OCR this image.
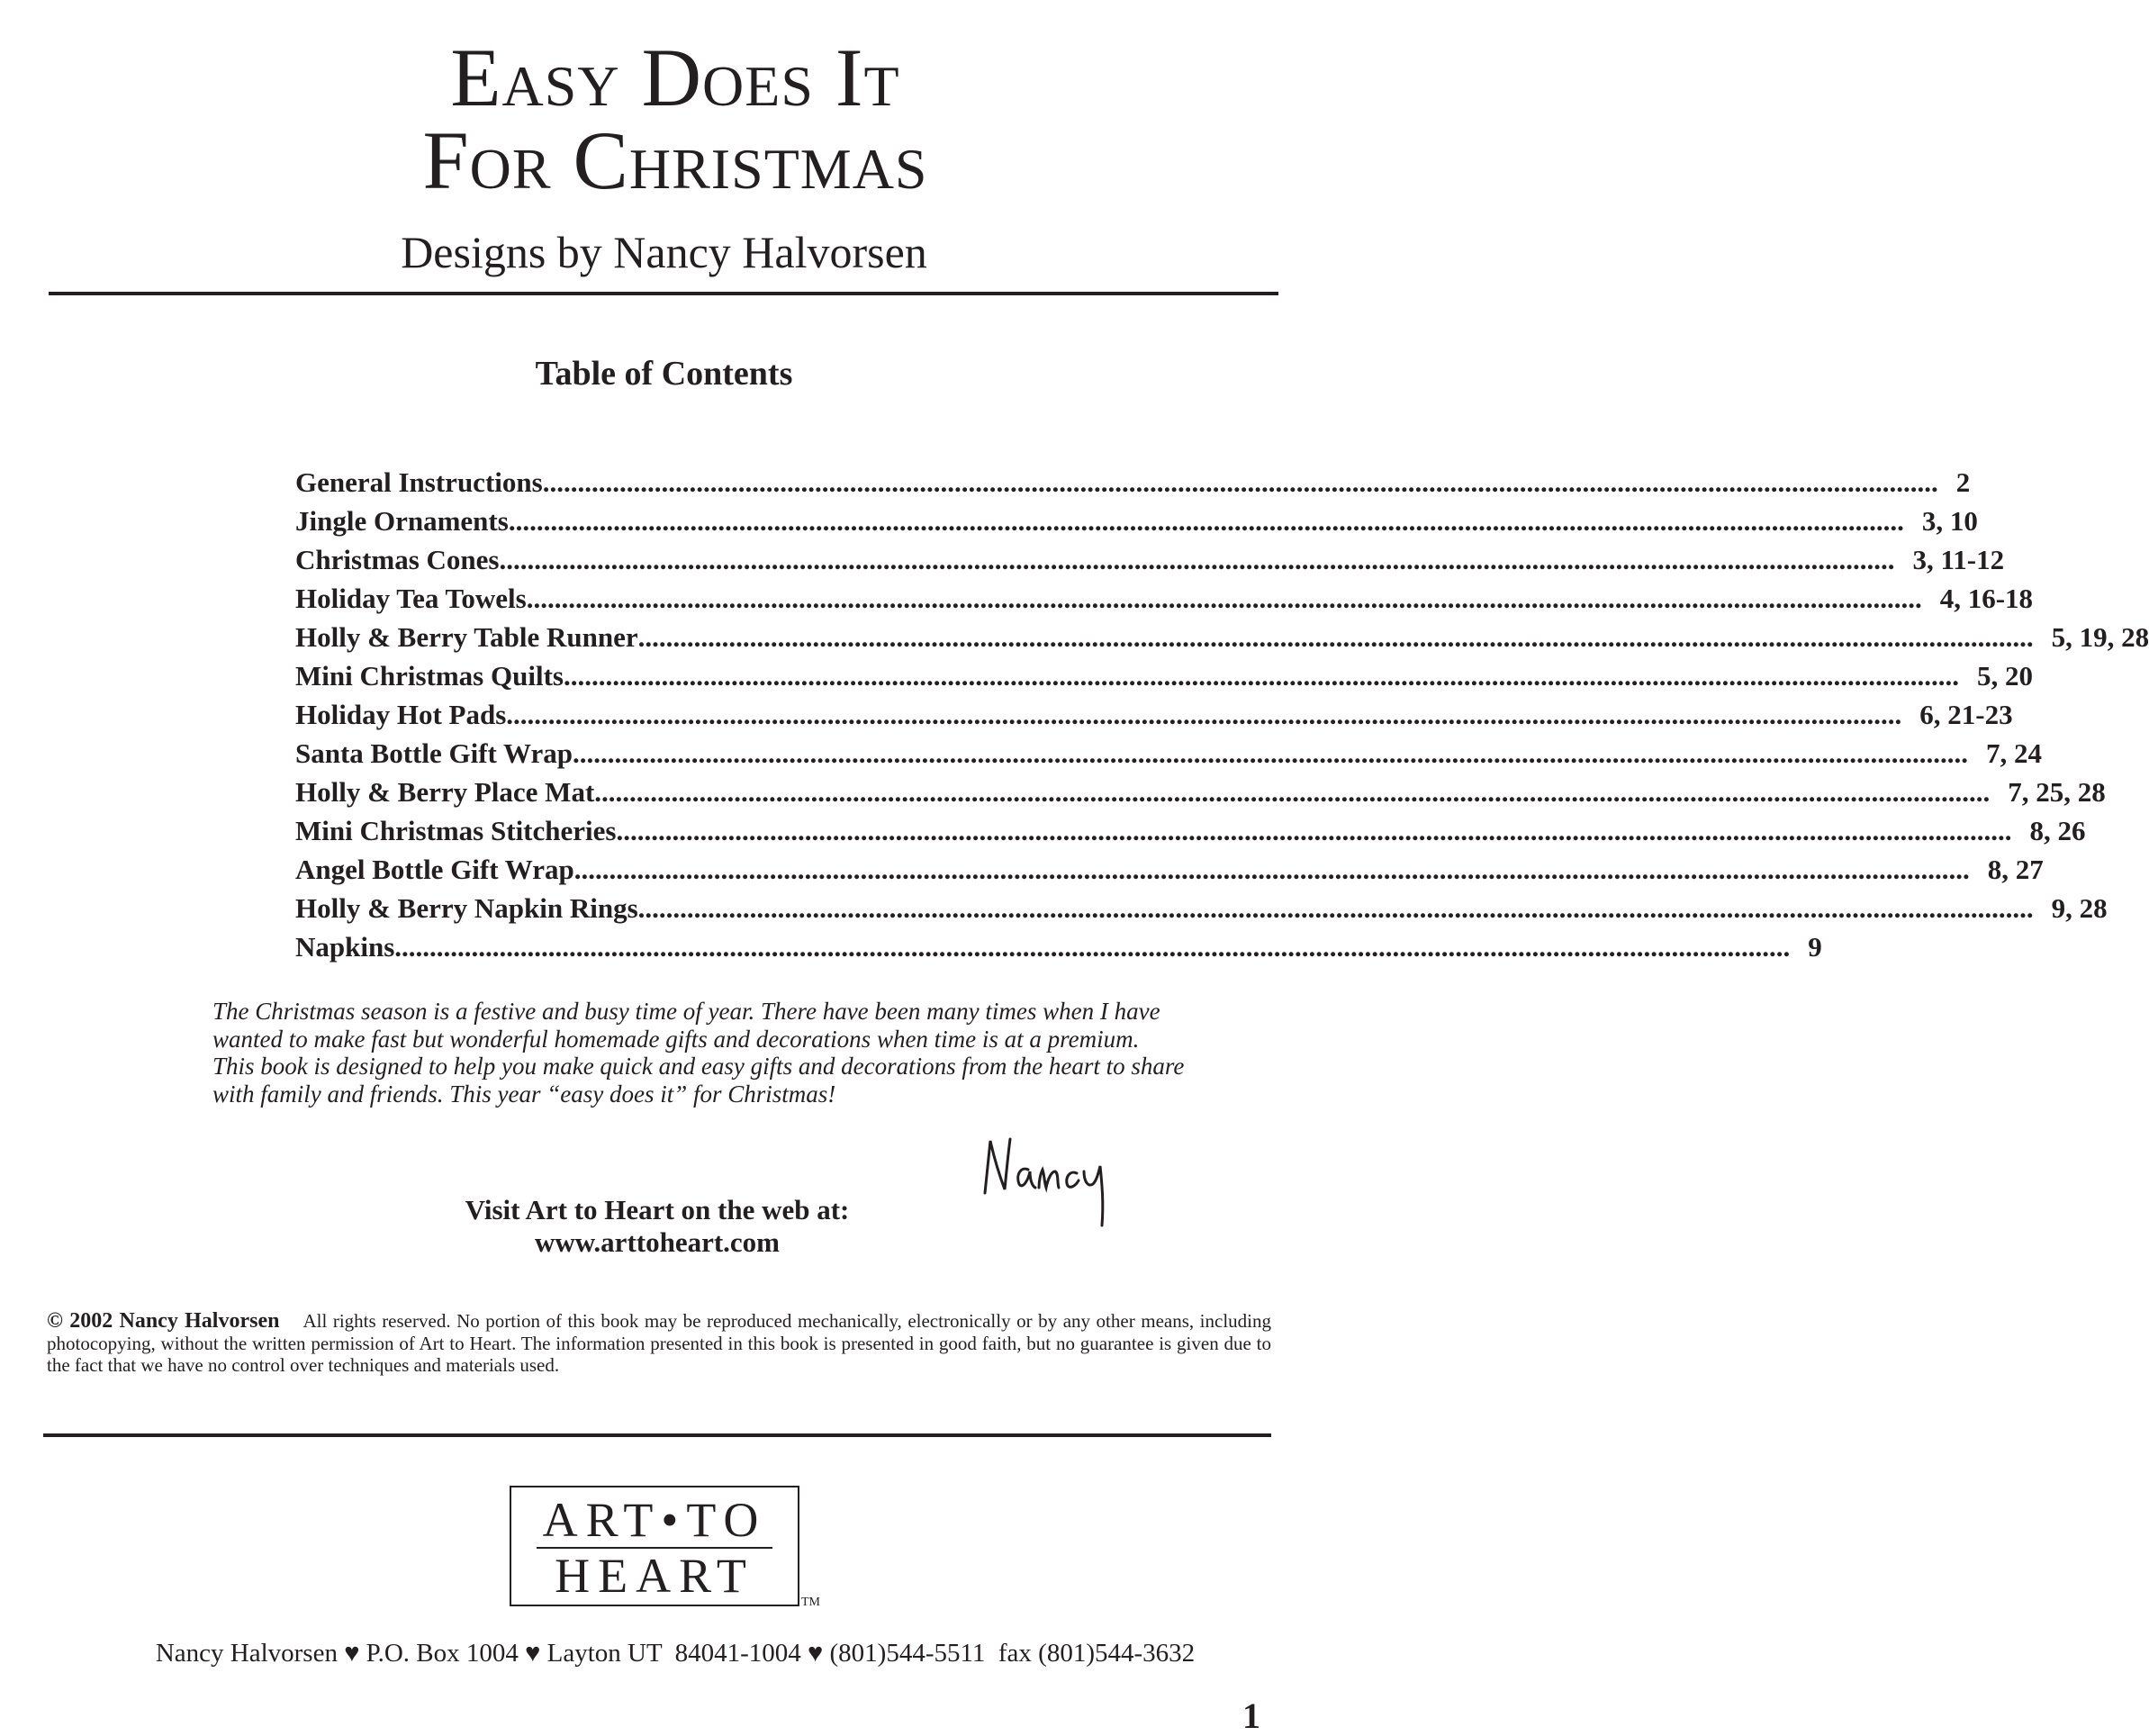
Easy Does It
For Christmas
Designs by Nancy Halvorsen
Table of Contents
General Instructions ........................................................................................................................................................................................................ 2
Jingle Ornaments ........................................................................................................................................................................................................ 3, 10
Christmas Cones ........................................................................................................................................................................................................ 3, 11-12
Holiday Tea Towels ........................................................................................................................................................................................................ 4, 16-18
Holly & Berry Table Runner ........................................................................................................................................................................................................ 5, 19, 28
Mini Christmas Quilts ........................................................................................................................................................................................................ 5, 20
Holiday Hot Pads ........................................................................................................................................................................................................ 6, 21-23
Santa Bottle Gift Wrap ........................................................................................................................................................................................................ 7, 24
Holly & Berry Place Mat ........................................................................................................................................................................................................ 7, 25, 28
Mini Christmas Stitcheries ........................................................................................................................................................................................................ 8, 26
Angel Bottle Gift Wrap ........................................................................................................................................................................................................ 8, 27
Holly & Berry Napkin Rings ........................................................................................................................................................................................................ 9, 28
Napkins ........................................................................................................................................................................................................ 9

The Christmas season is a festive and busy time of year. There have been many times when I have wanted to make fast but wonderful homemade gifts and decorations when time is at a premium. This book is designed to help you make quick and easy gifts and decorations from the heart to share with family and friends. This year “easy does it” for Christmas!

Visit Art to Heart on the web at:
www.arttoheart.com

© 2002 Nancy Halvorsen All rights reserved. No portion of this book may be reproduced mechanically, electronically or by any other means, including photocopying, without the written permission of Art to Heart. The information presented in this book is presented in good faith, but no guarantee is given due to the fact that we have no control over techniques and materials used.

ART•TO
HEART	TM
Nancy Halvorsen ♥ P.O. Box 1004 ♥ Layton UT  84041-1004 ♥ (801)544-5511  fax (801)544-3632
1
